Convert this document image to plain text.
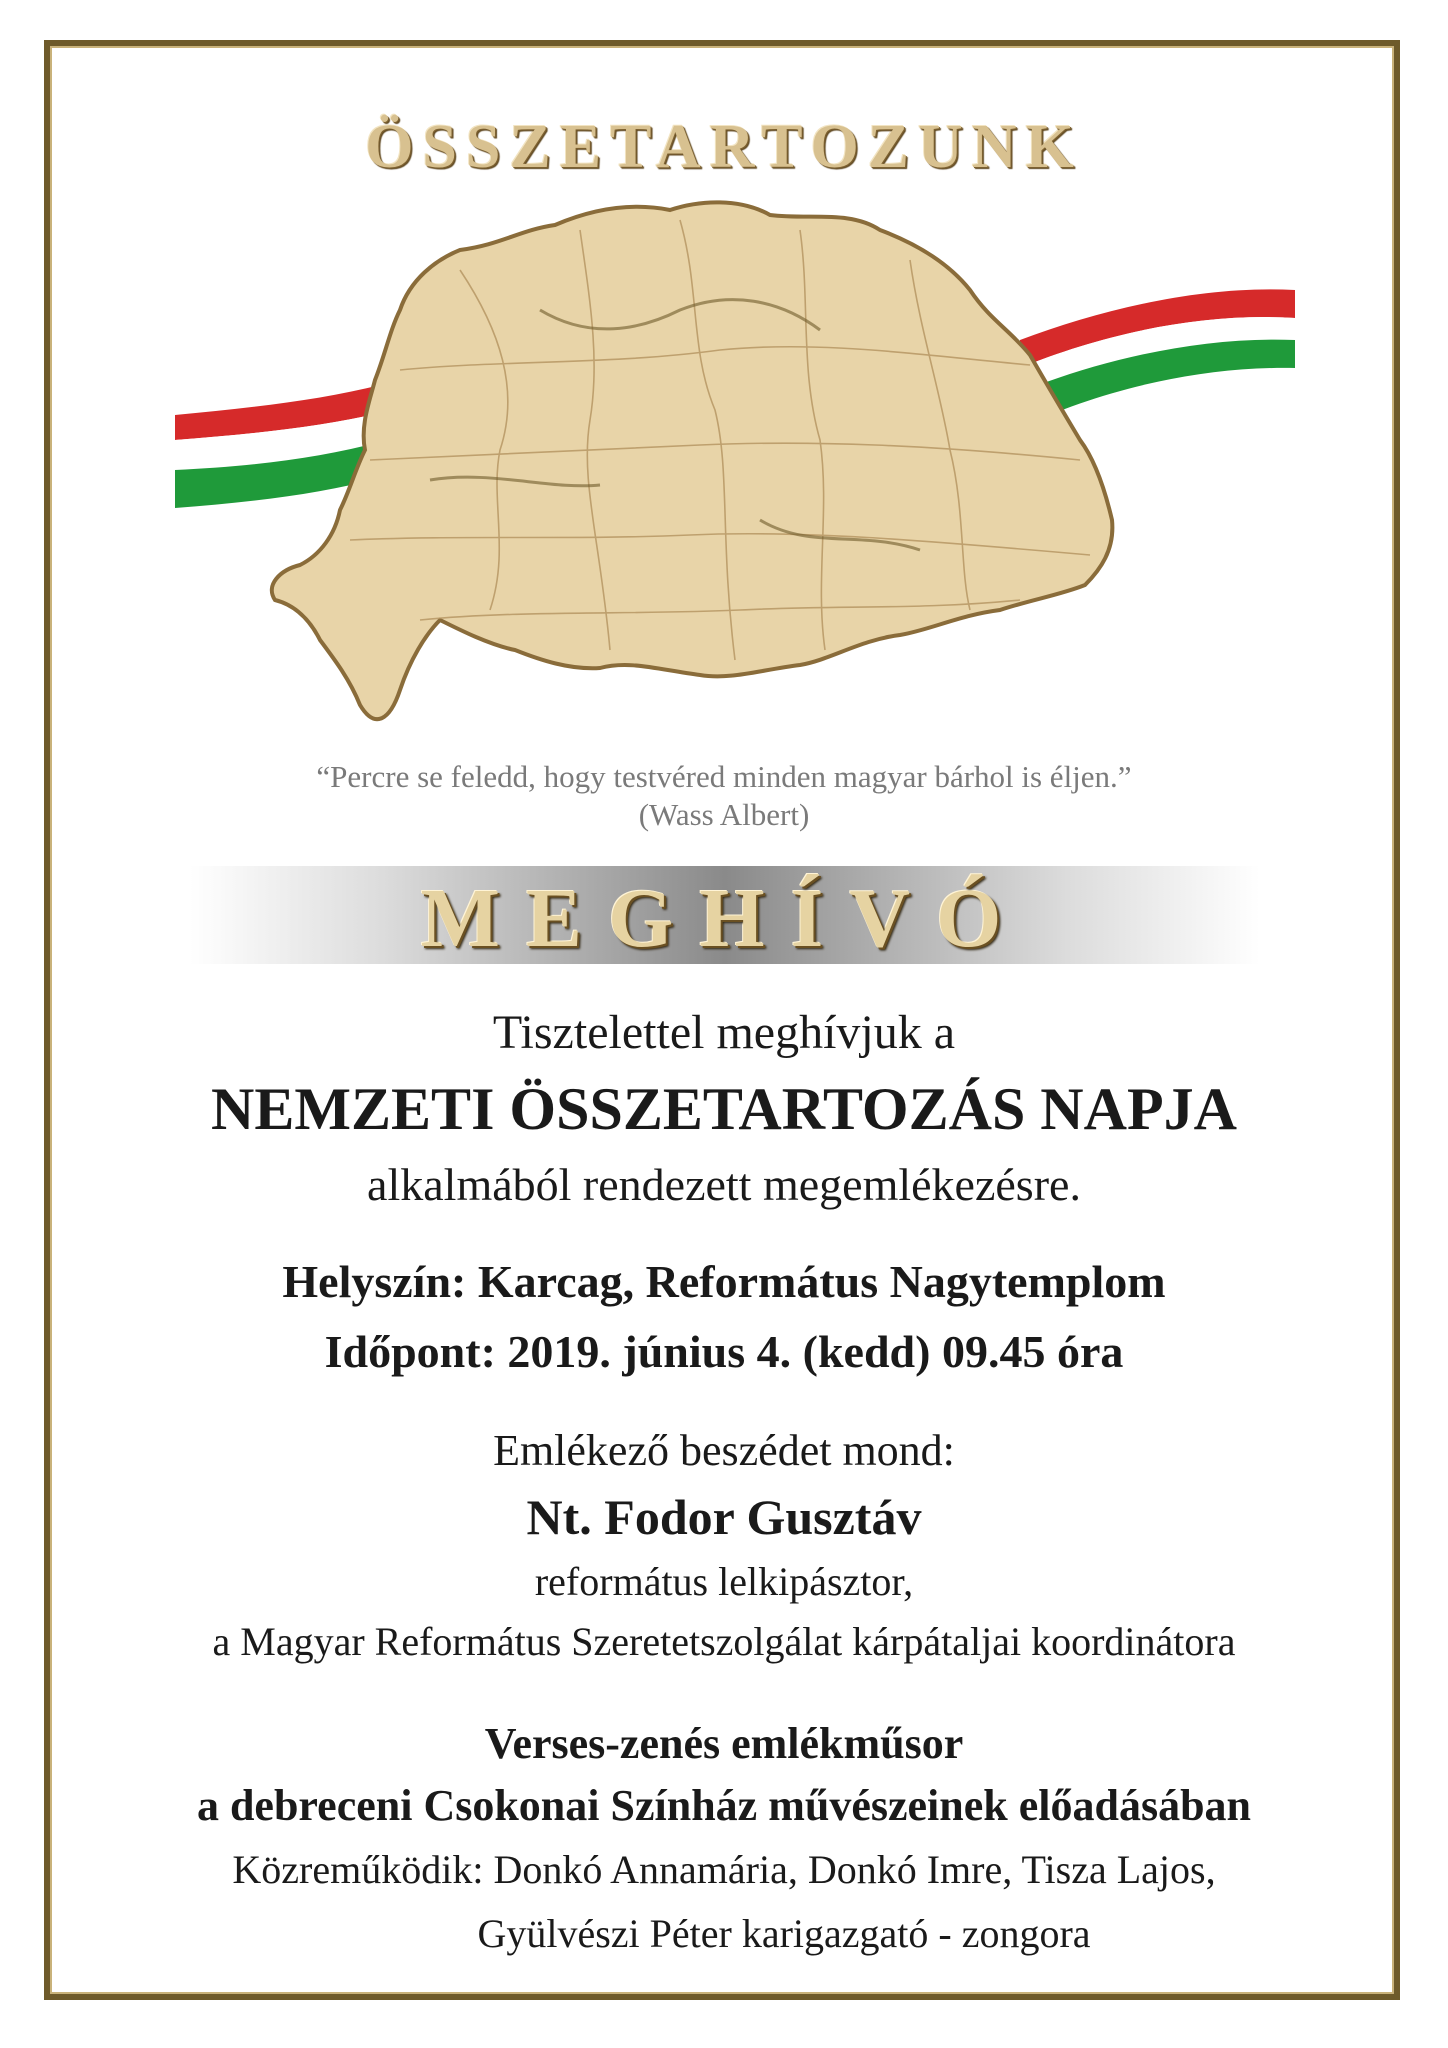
ÖSSZETARTOZUNK
“Percre se feledd, hogy testvéred minden magyar bárhol is éljen.”
(Wass Albert)
MEGHÍVÓ
Tisztelettel meghívjuk a
NEMZETI ÖSSZETARTOZÁS NAPJA
alkalmából rendezett megemlékezésre.
Helyszín: Karcag, Református Nagytemplom
Időpont: 2019. június 4. (kedd) 09.45 óra
Emlékező beszédet mond:
Nt. Fodor Gusztáv
református lelkipásztor,
a Magyar Református Szeretetszolgálat kárpátaljai koordinátora
Verses-zenés emlékműsor
a debreceni Csokonai Színház művészeinek előadásában
Közreműködik: Donkó Annamária, Donkó Imre, Tisza Lajos,
Gyülvészi Péter karigazgató - zongora
